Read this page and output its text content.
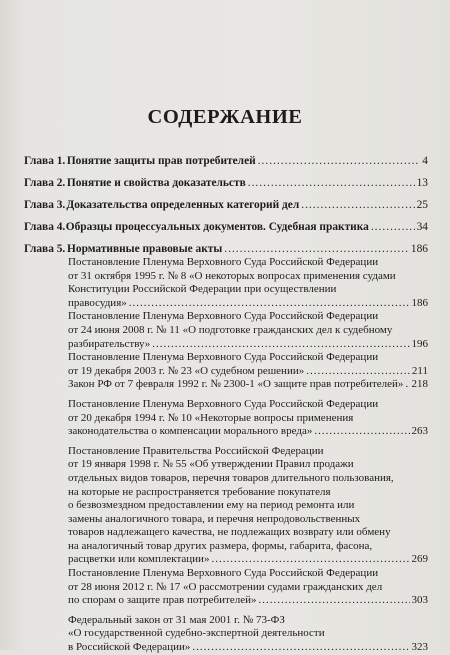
СОДЕРЖАНИЕ
Глава 1. Понятие защиты прав потребителей .....	4
Глава 2. Понятие и свойства доказательств .....	13
Глава 3. Доказательства определенных категорий дел .....	25
Глава 4. Образцы процессуальных документов. Судебная практика .....	34
Глава 5. Нормативные правовые акты .....	186
Постановление Пленума Верховного Суда Российской Федерации
от 31 октября 1995 г. № 8 «О некоторых вопросах применения судами
Конституции Российской Федерации при осуществлении
правосудия» .....	186
Постановление Пленума Верховного Суда Российской Федерации
от 24 июня 2008 г. № 11 «О подготовке гражданских дел к судебному
разбирательству» .....	196
Постановление Пленума Верховного Суда Российской Федерации
от 19 декабря 2003 г. № 23 «О судебном решении» .....	211
Закон РФ от 7 февраля 1992 г. № 2300-1 «О защите прав потребителей» ..... 218
Постановление Пленума Верховного Суда Российской Федерации
от 20 декабря 1994 г. № 10 «Некоторые вопросы применения
законодательства о компенсации морального вреда» .....	263
Постановление Правительства Российской Федерации
от 19 января 1998 г. № 55 «Об утверждении Правил продажи
отдельных видов товаров, перечня товаров длительного пользования,
на которые не распространяется требование покупателя
о безвозмездном предоставлении ему на период ремонта или
замены аналогичного товара, и перечня непродовольственных
товаров надлежащего качества, не подлежащих возврату или обмену
на аналогичный товар других размера, формы, габарита, фасона,
расцветки или комплектации» .....	269
Постановление Пленума Верховного Суда Российской Федерации
от 28 июня 2012 г. № 17 «О рассмотрении судами гражданских дел
по спорам о защите прав потребителей» .....	303
Федеральный закон от 31 мая 2001 г. № 73-ФЗ
«О государственной судебно-экспертной деятельности
в Российской Федерации» .....	323
